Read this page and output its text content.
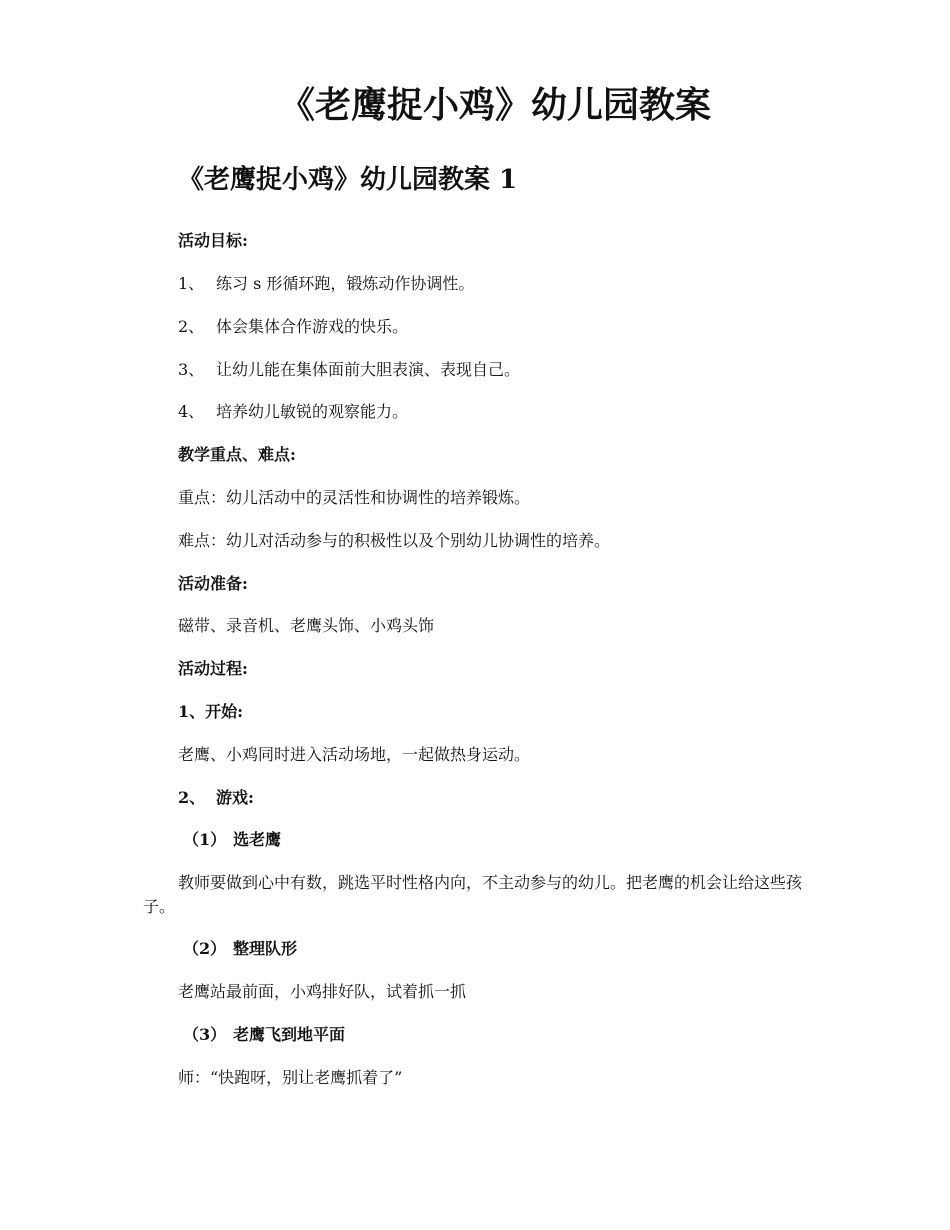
《老鹰捉小鸡》幼儿园教案
《老鹰捉小鸡》幼儿园教案 1
活动目标:
1、 练习 s 形循环跑，锻炼动作协调性。
2、 体会集体合作游戏的快乐。
3、 让幼儿能在集体面前大胆表演、表现自己。
4、 培养幼儿敏锐的观察能力。
教学重点、难点:
重点：幼儿活动中的灵活性和协调性的培养锻炼。
难点：幼儿对活动参与的积极性以及个别幼儿协调性的培养。
活动准备:
磁带、录音机、老鹰头饰、小鸡头饰
活动过程:
1、开始:
老鹰、小鸡同时进入活动场地，一起做热身运动。
2、 游戏:
（1） 选老鹰
教师要做到心中有数，跳选平时性格内向，不主动参与的幼儿。把老鹰的机会让给这些孩子。
（2） 整理队形
老鹰站最前面，小鸡排好队，试着抓一抓
（3） 老鹰飞到地平面
师：“快跑呀，别让老鹰抓着了”
